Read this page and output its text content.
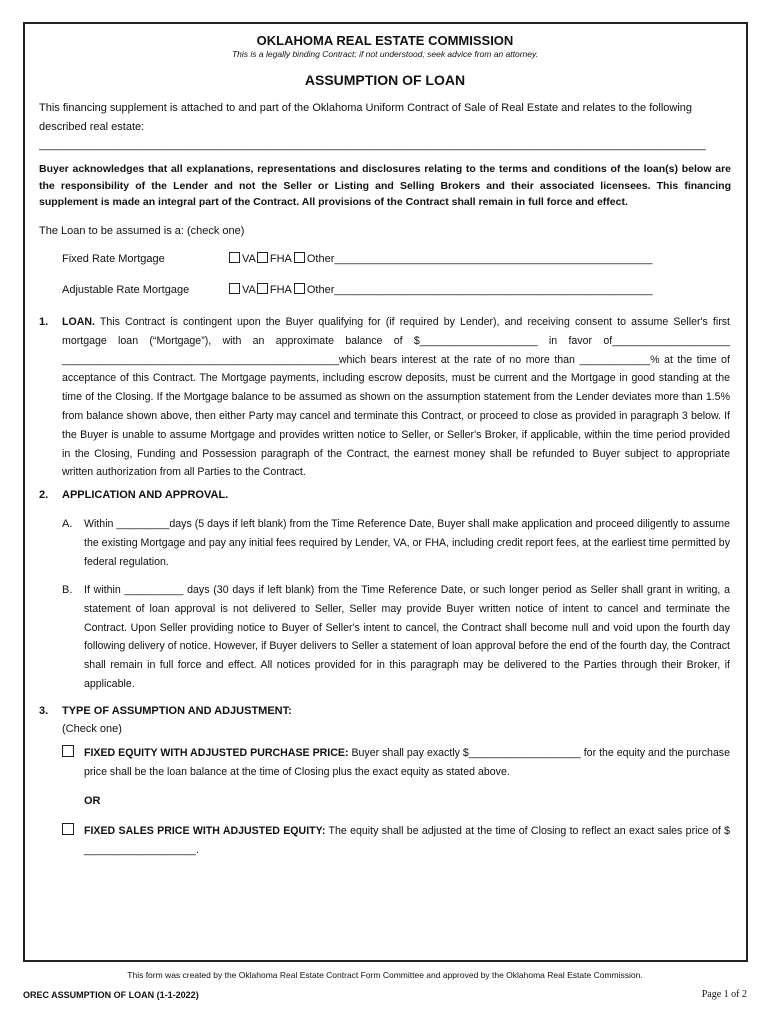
OKLAHOMA REAL ESTATE COMMISSION
This is a legally binding Contract; if not understood, seek advice from an attorney.
ASSUMPTION OF LOAN
This financing supplement is attached to and part of the Oklahoma Uniform Contract of Sale of Real Estate and relates to the following described real estate:
_____________________________________________________________________________________________________________
Buyer acknowledges that all explanations, representations and disclosures relating to the terms and conditions of the loan(s) below are the responsibility of the Lender and not the Seller or Listing and Selling Brokers and their associated licensees. This financing supplement is made an integral part of the Contract. All provisions of the Contract shall remain in full force and effect.
The Loan to be assumed is a: (check one)
Fixed Rate Mortgage	VA FHA Other____________________________________________________
Adjustable Rate Mortgage	VA FHA Other____________________________________________________
1. LOAN. This Contract is contingent upon the Buyer qualifying for (if required by Lender), and receiving consent to assume Seller's first mortgage loan (“Mortgage”), with an approximate balance of $____________________ in favor of____________________ _______________________________________________which bears interest at the rate of no more than ____________% at the time of acceptance of this Contract. The Mortgage payments, including escrow deposits, must be current and the Mortgage in good standing at the time of the Closing. If the Mortgage balance to be assumed as shown on the assumption statement from the Lender deviates more than 1.5% from balance shown above, then either Party may cancel and terminate this Contract, or proceed to close as provided in paragraph 3 below. If the Buyer is unable to assume Mortgage and provides written notice to Seller, or Seller's Broker, if applicable, within the time period provided in the Closing, Funding and Possession paragraph of the Contract, the earnest money shall be refunded to Buyer subject to appropriate written authorization from all Parties to the Contract.
2. APPLICATION AND APPROVAL.
A. Within _________days (5 days if left blank) from the Time Reference Date, Buyer shall make application and proceed diligently to assume the existing Mortgage and pay any initial fees required by Lender, VA, or FHA, including credit report fees, at the earliest time permitted by federal regulation.
B. If within __________ days (30 days if left blank) from the Time Reference Date, or such longer period as Seller shall grant in writing, a statement of loan approval is not delivered to Seller, Seller may provide Buyer written notice of intent to cancel and terminate the Contract. Upon Seller providing notice to Buyer of Seller's intent to cancel, the Contract shall become null and void upon the fourth day following delivery of notice. However, if Buyer delivers to Seller a statement of loan approval before the end of the fourth day, the Contract shall remain in full force and effect. All notices provided for in this paragraph may be delivered to the Parties through their Broker, if applicable.
3. TYPE OF ASSUMPTION AND ADJUSTMENT:
(Check one)
FIXED EQUITY WITH ADJUSTED PURCHASE PRICE: Buyer shall pay exactly $___________________ for the equity and the purchase price shall be the loan balance at the time of Closing plus the exact equity as stated above.
OR
FIXED SALES PRICE WITH ADJUSTED EQUITY: The equity shall be adjusted at the time of Closing to reflect an exact sales price of $ ___________________.
This form was created by the Oklahoma Real Estate Contract Form Committee and approved by the Oklahoma Real Estate Commission.
OREC ASSUMPTION OF LOAN (1-1-2022)	Page 1 of 2
